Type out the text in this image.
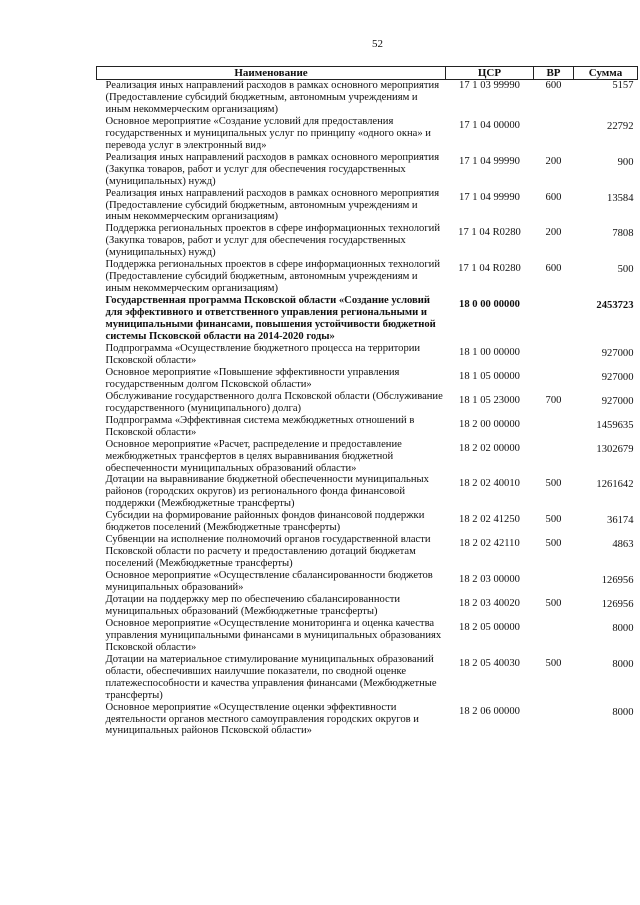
52
Наименование	ЦСР	ВР	Сумма
Реализация иных направлений расходов в рамках основного мероприятия (Предоставление субсидий бюджетным, автономным учреждениям и иным некоммерческим организациям)	17 1 03 99990	600	5157
Основное мероприятие «Создание условий для предоставления государственных и муниципальных услуг по принципу «одного окна» и перевода услуг в электронный вид»	17 1 04 00000		22792
Реализация иных направлений расходов в рамках основного мероприятия (Закупка товаров, работ и услуг для обеспечения государственных (муниципальных) нужд)	17 1 04 99990	200	900
Реализация иных направлений расходов в рамках основного мероприятия (Предоставление субсидий бюджетным, автономным учреждениям и иным некоммерческим организациям)	17 1 04 99990	600	13584
Поддержка региональных проектов в сфере информационных технологий (Закупка товаров, работ и услуг для обеспечения государственных (муниципальных) нужд)	17 1 04 R0280	200	7808
Поддержка региональных проектов в сфере информационных технологий (Предоставление субсидий бюджетным, автономным учреждениям и иным некоммерческим организациям)	17 1 04 R0280	600	500
Государственная программа Псковской области «Создание условий для эффективного и ответственного управления региональными и муниципальными финансами, повышения устойчивости бюджетной системы Псковской области на 2014-2020 годы»	18 0 00 00000		2453723
Подпрограмма «Осуществление бюджетного процесса на территории Псковской области»	18 1 00 00000		927000
Основное мероприятие «Повышение эффективности управления государственным долгом Псковской области»	18 1 05 00000		927000
Обслуживание государственного долга Псковской области (Обслуживание государственного (муниципального) долга)	18 1 05 23000	700	927000
Подпрограмма «Эффективная система межбюджетных отношений в Псковской области»	18 2 00 00000		1459635
Основное мероприятие «Расчет, распределение и предоставление межбюджетных трансфертов в целях выравнивания бюджетной обеспеченности муниципальных образований области»	18 2 02 00000		1302679
Дотации на выравнивание бюджетной обеспеченности муниципальных районов (городских округов) из регионального фонда финансовой поддержки (Межбюджетные трансферты)	18 2 02 40010	500	1261642
Субсидии на формирование районных фондов финансовой поддержки бюджетов поселений (Межбюджетные трансферты)	18 2 02 41250	500	36174
Субвенции на исполнение полномочий органов государственной власти Псковской области по расчету и предоставлению дотаций бюджетам поселений (Межбюджетные трансферты)	18 2 02 42110	500	4863
Основное мероприятие «Осуществление сбалансированности бюджетов муниципальных образований»	18 2 03 00000		126956
Дотации на поддержку мер по обеспечению сбалансированности муниципальных образований (Межбюджетные трансферты)	18 2 03 40020	500	126956
Основное мероприятие «Осуществление мониторинга и оценка качества управления муниципальными финансами в муниципальных образованиях Псковской области»	18 2 05 00000		8000
Дотации на материальное стимулирование муниципальных образований области, обеспечивших наилучшие показатели, по сводной оценке платежеспособности и качества управления финансами (Межбюджетные трансферты)	18 2 05 40030	500	8000
Основное мероприятие «Осуществление оценки эффективности деятельности органов местного самоуправления городских округов и муниципальных районов Псковской области»	18 2 06 00000		8000
